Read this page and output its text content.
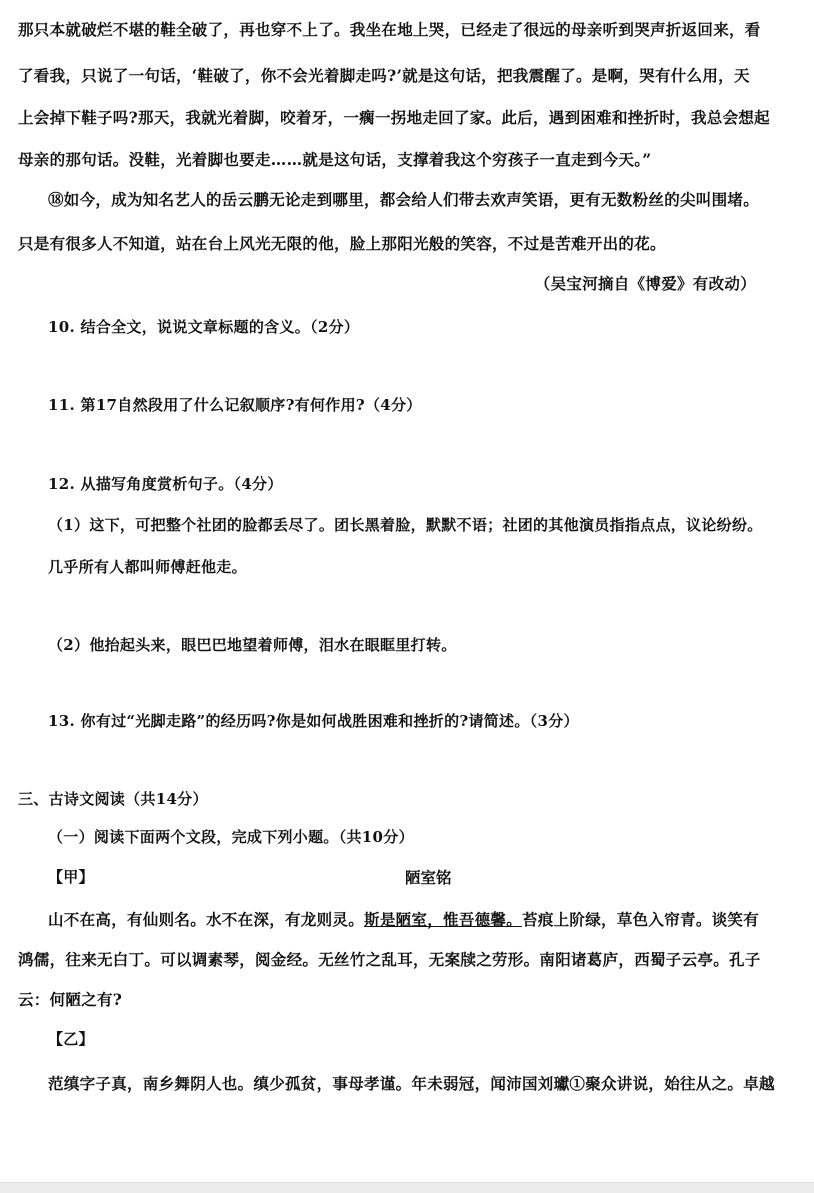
那只本就破烂不堪的鞋全破了，再也穿不上了。我坐在地上哭，已经走了很远的母亲听到哭声折返回来，看
了看我，只说了一句话，‘鞋破了，你不会光着脚走吗?’就是这句话，把我震醒了。是啊，哭有什么用，天
上会掉下鞋子吗?那天，我就光着脚，咬着牙，一瘸一拐地走回了家。此后，遇到困难和挫折时，我总会想起
母亲的那句话。没鞋，光着脚也要走……就是这句话，支撑着我这个穷孩子一直走到今天。”
⑱如今，成为知名艺人的岳云鹏无论走到哪里，都会给人们带去欢声笑语，更有无数粉丝的尖叫围堵。
只是有很多人不知道，站在台上风光无限的他，脸上那阳光般的笑容，不过是苦难开出的花。
（吴宝河摘自《博爱》有改动）
10. 结合全文，说说文章标题的含义。（2分）
11. 第17自然段用了什么记叙顺序?有何作用?（4分）
12. 从描写角度赏析句子。（4分）
（1）这下，可把整个社团的脸都丢尽了。团长黑着脸，默默不语；社团的其他演员指指点点，议论纷纷。
几乎所有人都叫师傅赶他走。
（2）他抬起头来，眼巴巴地望着师傅，泪水在眼眶里打转。
13. 你有过“光脚走路”的经历吗?你是如何战胜困难和挫折的?请简述。（3分）
三、古诗文阅读（共14分）
（一）阅读下面两个文段，完成下列小题。（共10分）
【甲】	陋室铭
山不在高，有仙则名。水不在深，有龙则灵。斯是陋室，惟吾德馨。苔痕上阶绿，草色入帘青。谈笑有
鸿儒，往来无白丁。可以调素琴，阅金经。无丝竹之乱耳，无案牍之劳形。南阳诸葛庐，西蜀子云亭。孔子
云：何陋之有?
【乙】
范缜字子真，南乡舞阴人也。缜少孤贫，事母孝谨。年未弱冠，闻沛国刘瓛①聚众讲说，始往从之。卓越
